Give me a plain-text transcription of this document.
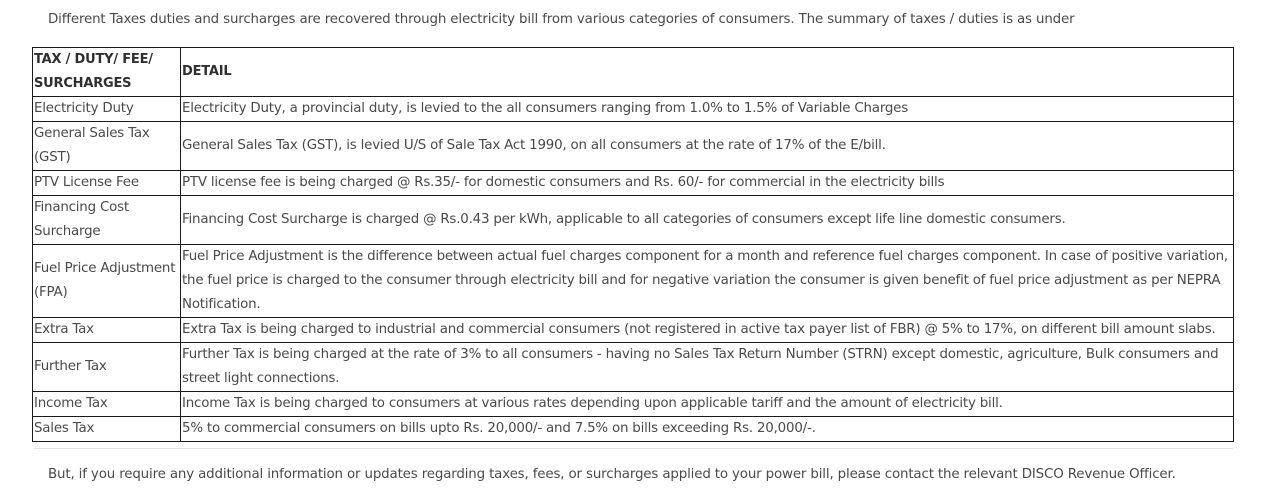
Different Taxes duties and surcharges are recovered through electricity bill from various categories of consumers. The summary of taxes / duties is as under

TAX / DUTY/ FEE/ SURCHARGES	DETAIL
Electricity Duty	Electricity Duty, a provincial duty, is levied to the all consumers ranging from 1.0% to 1.5% of Variable Charges
General Sales Tax (GST)	General Sales Tax (GST), is levied U/S of Sale Tax Act 1990, on all consumers at the rate of 17% of the E/bill.
PTV License Fee	PTV license fee is being charged @ Rs.35/- for domestic consumers and Rs. 60/- for commercial in the electricity bills
Financing Cost Surcharge	Financing Cost Surcharge is charged @ Rs.0.43 per kWh, applicable to all categories of consumers except life line domestic consumers.
Fuel Price Adjustment (FPA)	Fuel Price Adjustment is the difference between actual fuel charges component for a month and reference fuel charges component. In case of positive variation, the fuel price is charged to the consumer through electricity bill and for negative variation the consumer is given benefit of fuel price adjustment as per NEPRA Notification.
Extra Tax	Extra Tax is being charged to industrial and commercial consumers (not registered in active tax payer list of FBR) @ 5% to 17%, on different bill amount slabs.
Further Tax	Further Tax is being charged at the rate of 3% to all consumers - having no Sales Tax Return Number (STRN) except domestic, agriculture, Bulk consumers and street light connections.
Income Tax	Income Tax is being charged to consumers at various rates depending upon applicable tariff and the amount of electricity bill.
Sales Tax	5% to commercial consumers on bills upto Rs. 20,000/- and 7.5% on bills exceeding Rs. 20,000/-.

But, if you require any additional information or updates regarding taxes, fees, or surcharges applied to your power bill, please contact the relevant DISCO Revenue Officer.
